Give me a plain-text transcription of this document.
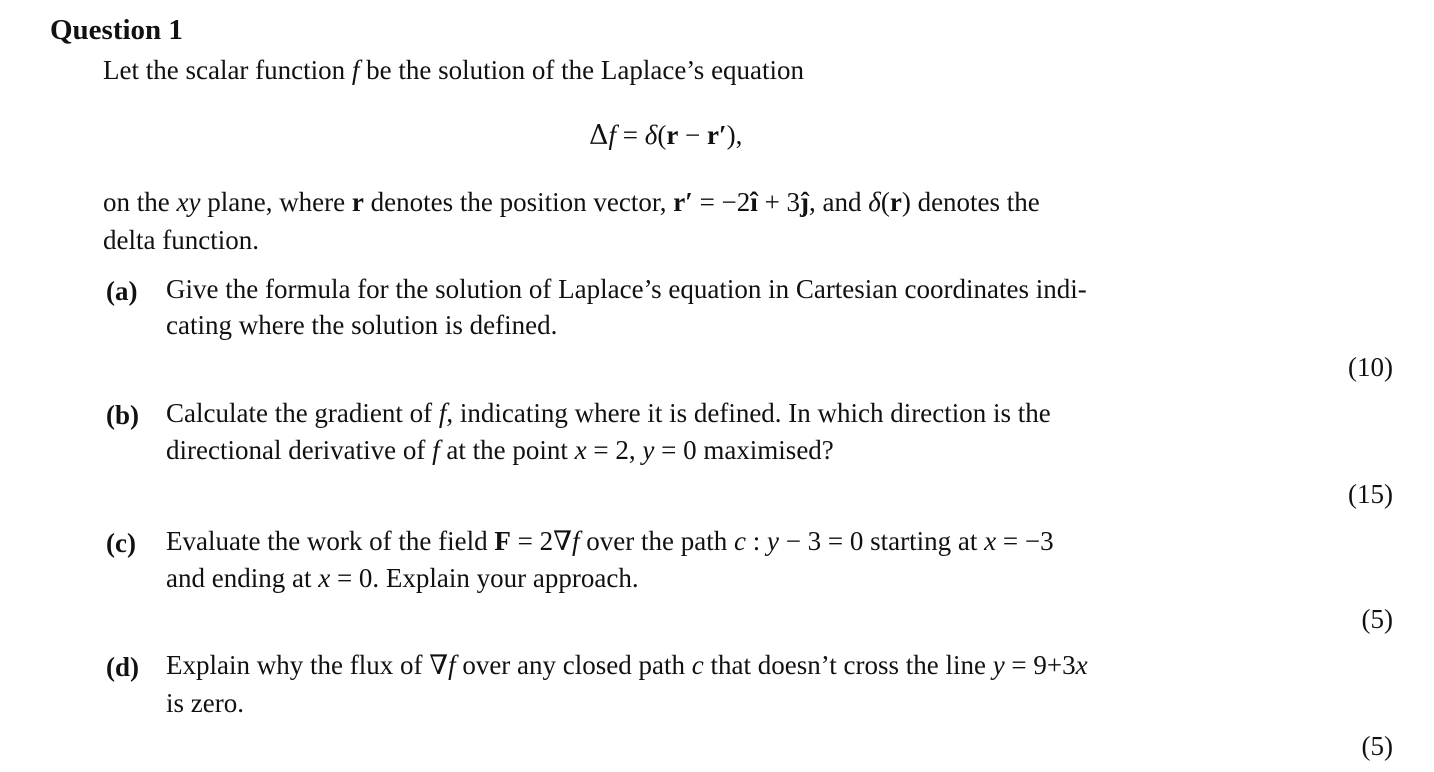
Question 1
Let the scalar function f be the solution of the Laplace’s equation
Δf = δ(r − r′),
on the xy plane, where r denotes the position vector, r′ = −2î + 3ĵ, and δ(r) denotes the
delta function.
(a) Give the formula for the solution of Laplace’s equation in Cartesian coordinates indi-
cating where the solution is defined.
(10)
(b) Calculate the gradient of f, indicating where it is defined. In which direction is the
directional derivative of f at the point x = 2, y = 0 maximised?
(15)
(c) Evaluate the work of the field F = 2∇f over the path c : y − 3 = 0 starting at x = −3
and ending at x = 0. Explain your approach.
(5)
(d) Explain why the flux of ∇f over any closed path c that doesn’t cross the line y = 9+3x
is zero.
(5)
